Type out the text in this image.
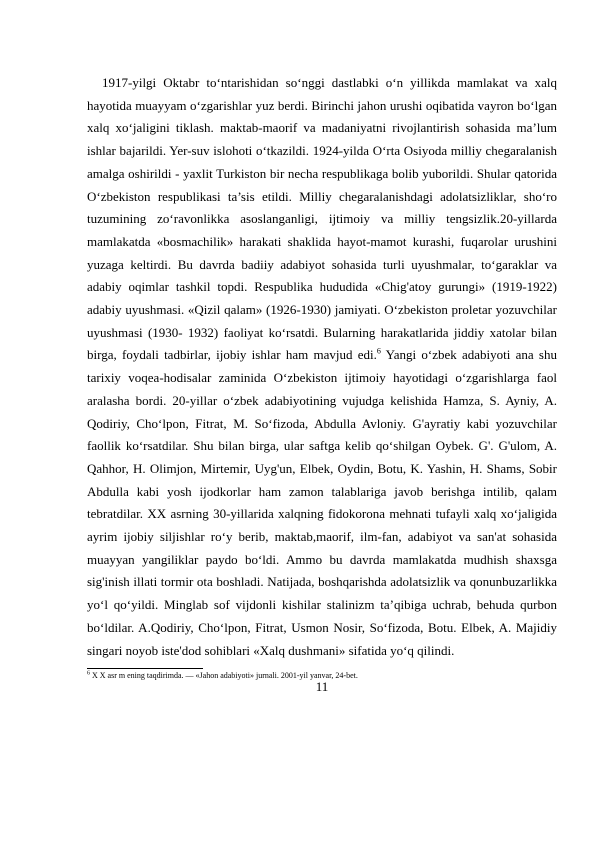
1917-yilgi Oktabr to‘ntarishidan so‘nggi dastlabki o‘n yillikda mamlakat va xalq hayotida muayyam o‘zgarishlar yuz berdi. Birinchi jahon urushi oqibatida vayron bo‘lgan xalq xo‘jaligini tiklash. maktab-maorif va madaniyatni rivojlantirish sohasida ma’lum ishlar bajarildi. Yer-suv islohoti o‘tkazildi. 1924-yilda O‘rta Osiyoda milliy chegaralanish amalga oshirildi - yaxlit Turkiston bir necha respublikaga bolib yuborildi. Shular qatorida O‘zbekiston respublikasi ta’sis etildi. Milliy chegaralanishdagi adolatsizliklar, sho‘ro tuzumining zo‘ravonlikka asoslanganligi, ijtimoiy va milliy tengsizlik.20-yillarda mamlakatda «bosmachilik» harakati shaklida hayot-mamot kurashi, fuqarolar urushini yuzaga keltirdi. Bu davrda badiiy adabiyot sohasida turli uyushmalar, to‘garaklar va adabiy oqimlar tashkil topdi. Respublika hududida «Chig'atoy gurungi» (1919-1922) adabiy uyushmasi. «Qizil qalam» (1926-1930) jamiyati. O‘zbekiston proletar yozuvchilar uyushmasi (1930- 1932) faoliyat ko‘rsatdi. Bularning harakatlarida jiddiy xatolar bilan birga, foydali tadbirlar, ijobiy ishlar ham mavjud edi.$^6$ Yangi o‘zbek adabiyoti ana shu tarixiy voqea-hodisalar zaminida O‘zbekiston ijtimoiy hayotidagi o‘zgarishlarga faol aralasha bordi. 20-yillar o‘zbek adabiyotining vujudga kelishida Hamza, S. Ayniy, A. Qodiriy, Cho‘lpon, Fitrat, M. So‘fizoda, Abdulla Avloniy. G'ayratiy kabi yozuvchilar faollik ko‘rsatdilar. Shu bilan birga, ular saftga kelib qo‘shilgan Oybek. G'. G'ulom, A. Qahhor, H. Olimjon, Mirtemir, Uyg'un, Elbek, Oydin, Botu, K. Yashin, H. Shams, Sobir Abdulla kabi yosh ijodkorlar ham zamon talablariga javob berishga intilib, qalam tebratdilar. XX asrning 30-yillarida xalqning fidokorona mehnati tufayli xalq xo‘jaligida ayrim ijobiy siljishlar ro‘y berib, maktab,maorif, ilm-fan, adabiyot va san'at sohasida muayyan yangiliklar paydo bo‘ldi. Ammo bu davrda mamlakatda mudhish shaxsga sig'inish illati tormir ota boshladi. Natijada, boshqarishda adolatsizlik va qonunbuzarlikka yo‘l qo‘yildi. Minglab sof vijdonli kishilar stalinizm ta’qibiga uchrab, behuda qurbon bo‘ldilar. A.Qodiriy, Cho‘lpon, Fitrat, Usmon Nosir, So‘fizoda, Botu. Elbek, A. Majidiy singari noyob iste'dod sohiblari «Xalq dushmani» sifatida yo‘q qilindi.

$^6$ X X asr m ening taqdirimda. — «Jahon adabiyoti» jurnali. 2001-yil yanvar, 24-bet.

11
